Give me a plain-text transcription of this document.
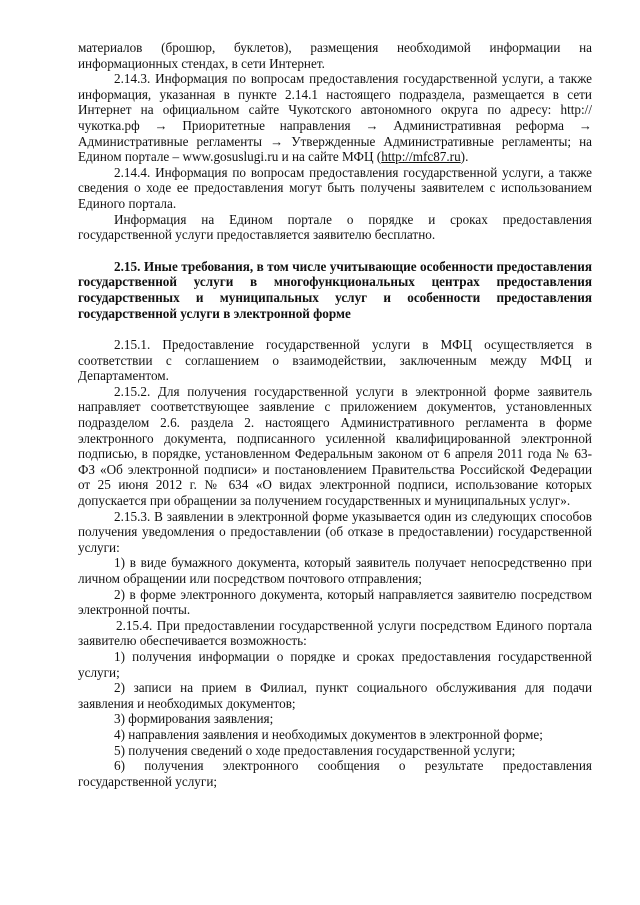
материалов (брошюр, буклетов), размещения необходимой информации на информационных стендах, в сети Интернет.

2.14.3. Информация по вопросам предоставления государственной услуги, а также информация, указанная в пункте 2.14.1 настоящего подраздела, размещается в сети Интернет на официальном сайте Чукотского автономного округа по адресу: http://чукотка.рф → Приоритетные направления → Административная реформа → Административные регламенты → Утвержденные Административные регламенты; на Едином портале – www.gosuslugi.ru и на сайте МФЦ (http://mfc87.ru).

2.14.4. Информация по вопросам предоставления государственной услуги, а также сведения о ходе ее предоставления могут быть получены заявителем с использованием Единого портала.

Информация на Едином портале о порядке и сроках предоставления государственной услуги предоставляется заявителю бесплатно.

2.15. Иные требования, в том числе учитывающие особенности предоставления государственной услуги в многофункциональных центрах предоставления государственных и муниципальных услуг и особенности предоставления государственной услуги в электронной форме

2.15.1. Предоставление государственной услуги в МФЦ осуществляется в соответствии с соглашением о взаимодействии, заключенным между МФЦ и Департаментом.

2.15.2. Для получения государственной услуги в электронной форме заявитель направляет соответствующее заявление с приложением документов, установленных подразделом 2.6. раздела 2. настоящего Административного регламента в форме электронного документа, подписанного усиленной квалифицированной электронной подписью, в порядке, установленном Федеральным законом от 6 апреля 2011 года № 63-ФЗ «Об электронной подписи» и постановлением Правительства Российской Федерации от 25 июня 2012 г. № 634 «О видах электронной подписи, использование которых допускается при обращении за получением государственных и муниципальных услуг».

2.15.3. В заявлении в электронной форме указывается один из следующих способов получения уведомления о предоставлении (об отказе в предоставлении) государственной услуги:

1) в виде бумажного документа, который заявитель получает непосредственно при личном обращении или посредством почтового отправления;

2) в форме электронного документа, который направляется заявителю посредством электронной почты.

2.15.4. При предоставлении государственной услуги посредством Единого портала заявителю обеспечивается возможность:

1) получения информации о порядке и сроках предоставления государственной услуги;

2) записи на прием в Филиал, пункт социального обслуживания для подачи заявления и необходимых документов;

3) формирования заявления;

4) направления заявления и необходимых документов в электронной форме;

5) получения сведений о ходе предоставления государственной услуги;

6) получения электронного сообщения о результате предоставления государственной услуги;
